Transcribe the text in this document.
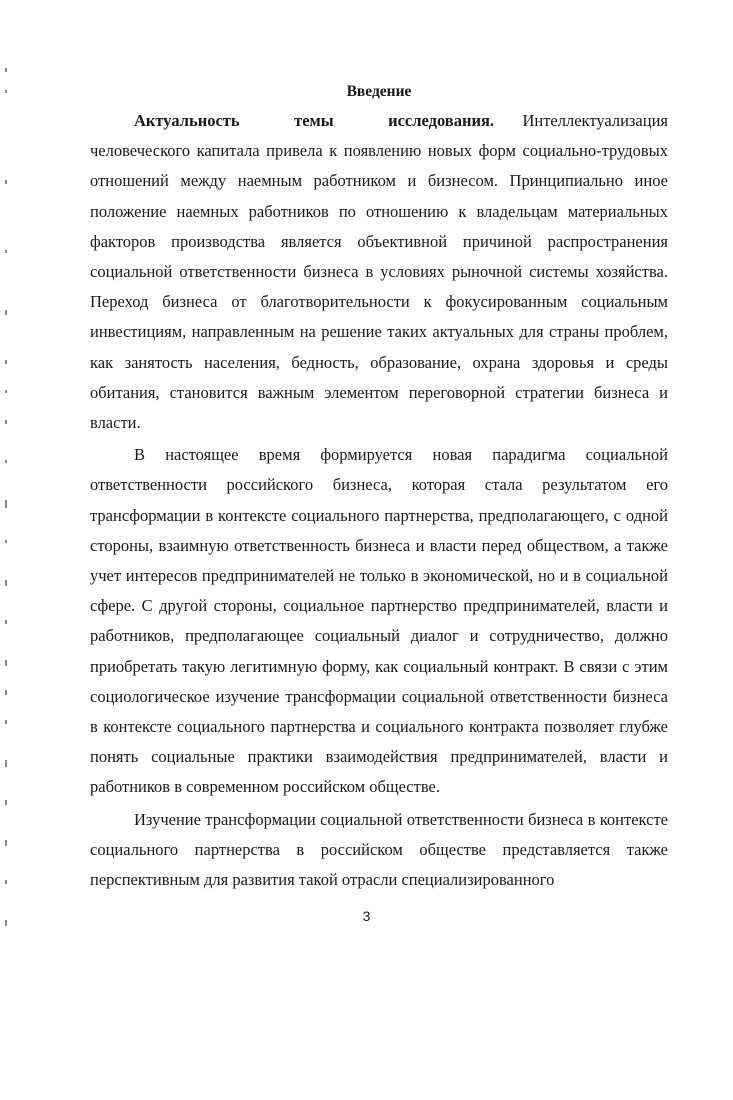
Введение

Актуальность темы исследования. Интеллектуализация человеческого капитала привела к появлению новых форм социально-трудовых отношений между наемным работником и бизнесом. Принципиально иное положение наемных работников по отношению к владельцам материальных факторов производства является объективной причиной распространения социальной ответственности бизнеса в условиях рыночной системы хозяйства. Переход бизнеса от благотворительности к фокусированным социальным инвестициям, направленным на решение таких актуальных для страны проблем, как занятость населения, бедность, образование, охрана здоровья и среды обитания, становится важным элементом переговорной стратегии бизнеса и власти.

В настоящее время формируется новая парадигма социальной ответственности российского бизнеса, которая стала результатом его трансформации в контексте социального партнерства, предполагающего, с одной стороны, взаимную ответственность бизнеса и власти перед обществом, а также учет интересов предпринимателей не только в экономической, но и в социальной сфере. С другой стороны, социальное партнерство предпринимателей, власти и работников, предполагающее социальный диалог и сотрудничество, должно приобретать такую легитимную форму, как социальный контракт. В связи с этим социологическое изучение трансформации социальной ответственности бизнеса в контексте социального партнерства и социального контракта позволяет глубже понять социальные практики взаимодействия предпринимателей, власти и работников в современном российском обществе.

Изучение трансформации социальной ответственности бизнеса в контексте социального партнерства в российском обществе представляется также перспективным для развития такой отрасли специализированного

3
